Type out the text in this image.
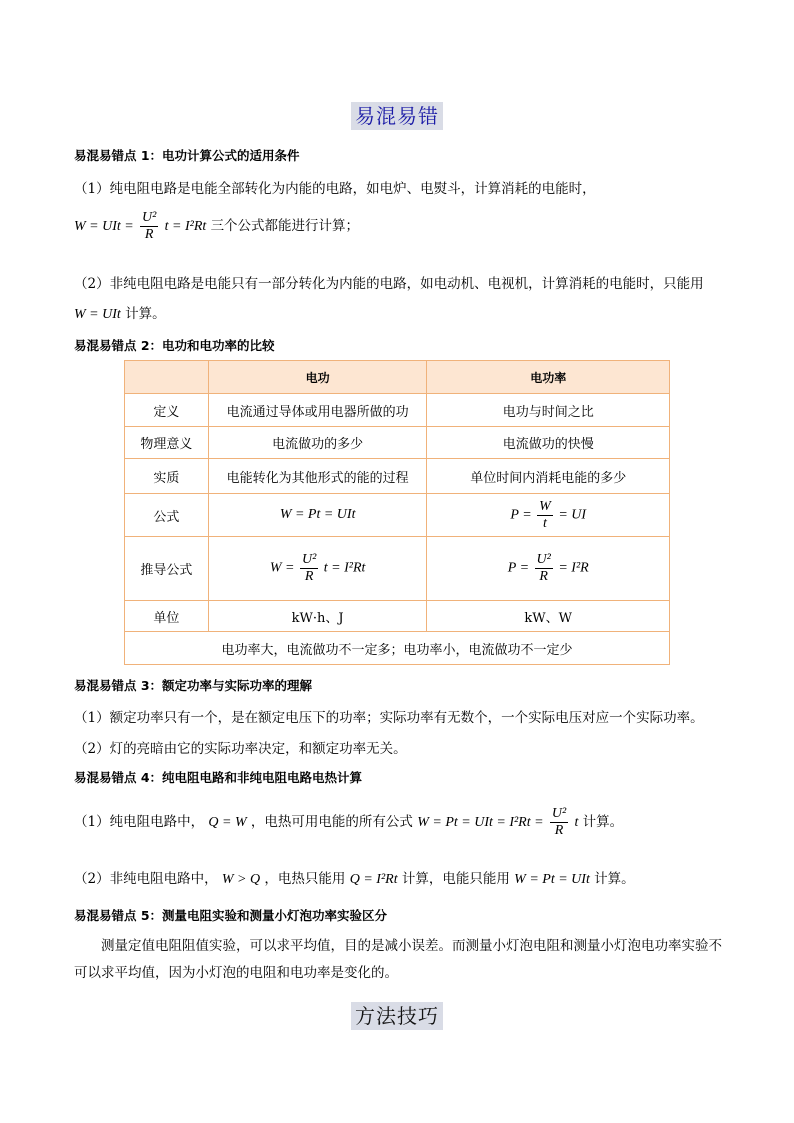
易混易错
易混易错点 1：电功计算公式的适用条件
（1）纯电阻电路是电能全部转化为内能的电路，如电炉、电熨斗，计算消耗的电能时，
W = UIt = $\frac{\text{U²}}{R}$ t = I²Rt 三个公式都能进行计算；
（2）非纯电阻电路是电能只有一部分转化为内能的电路，如电动机、电视机，计算消耗的电能时，只能用
W = UIt 计算。
易混易错点 2：电功和电功率的比较
	电功	电功率
定义	电流通过导体或用电器所做的功	电功与时间之比
物理意义	电流做功的多少	电流做功的快慢
实质	电能转化为其他形式的能的过程	单位时间内消耗电能的多少
公式	W = Pt = UIt	$P = \frac{W}{t}$ = UI
推导公式	$W = \frac{\text{U²}}{R}$ t = I²Rt	$P = \frac{\text{U²}}{R} = I^2R$
单位	kW·h、J	kW、W
电功率大，电流做功不一定多；电功率小，电流做功不一定少		
易混易错点 3：额定功率与实际功率的理解
（1）额定功率只有一个，是在额定电压下的功率；实际功率有无数个，一个实际电压对应一个实际功率。
（2）灯的亮暗由它的实际功率决定，和额定功率无关。
易混易错点 4：纯电阻电路和非纯电阻电路电热计算
（1）纯电阻电路中， Q = W ，电热可用电能的所有公式 W = Pt = UIt = $I^2Rt = \frac{\text{U²}}{R}$ t 计算。
（2）非纯电阻电路中， W > Q ，电热只能用 Q = I²Rt 计算，电能只能用 W = Pt = UIt 计算。
易混易错点 5：测量电阻实验和测量小灯泡功率实验区分
测量定值电阻阻值实验，可以求平均值，目的是减小误差。而测量小灯泡电阻和测量小灯泡电功率实验不可以求平均值，因为小灯泡的电阻和电功率是变化的。
方法技巧
